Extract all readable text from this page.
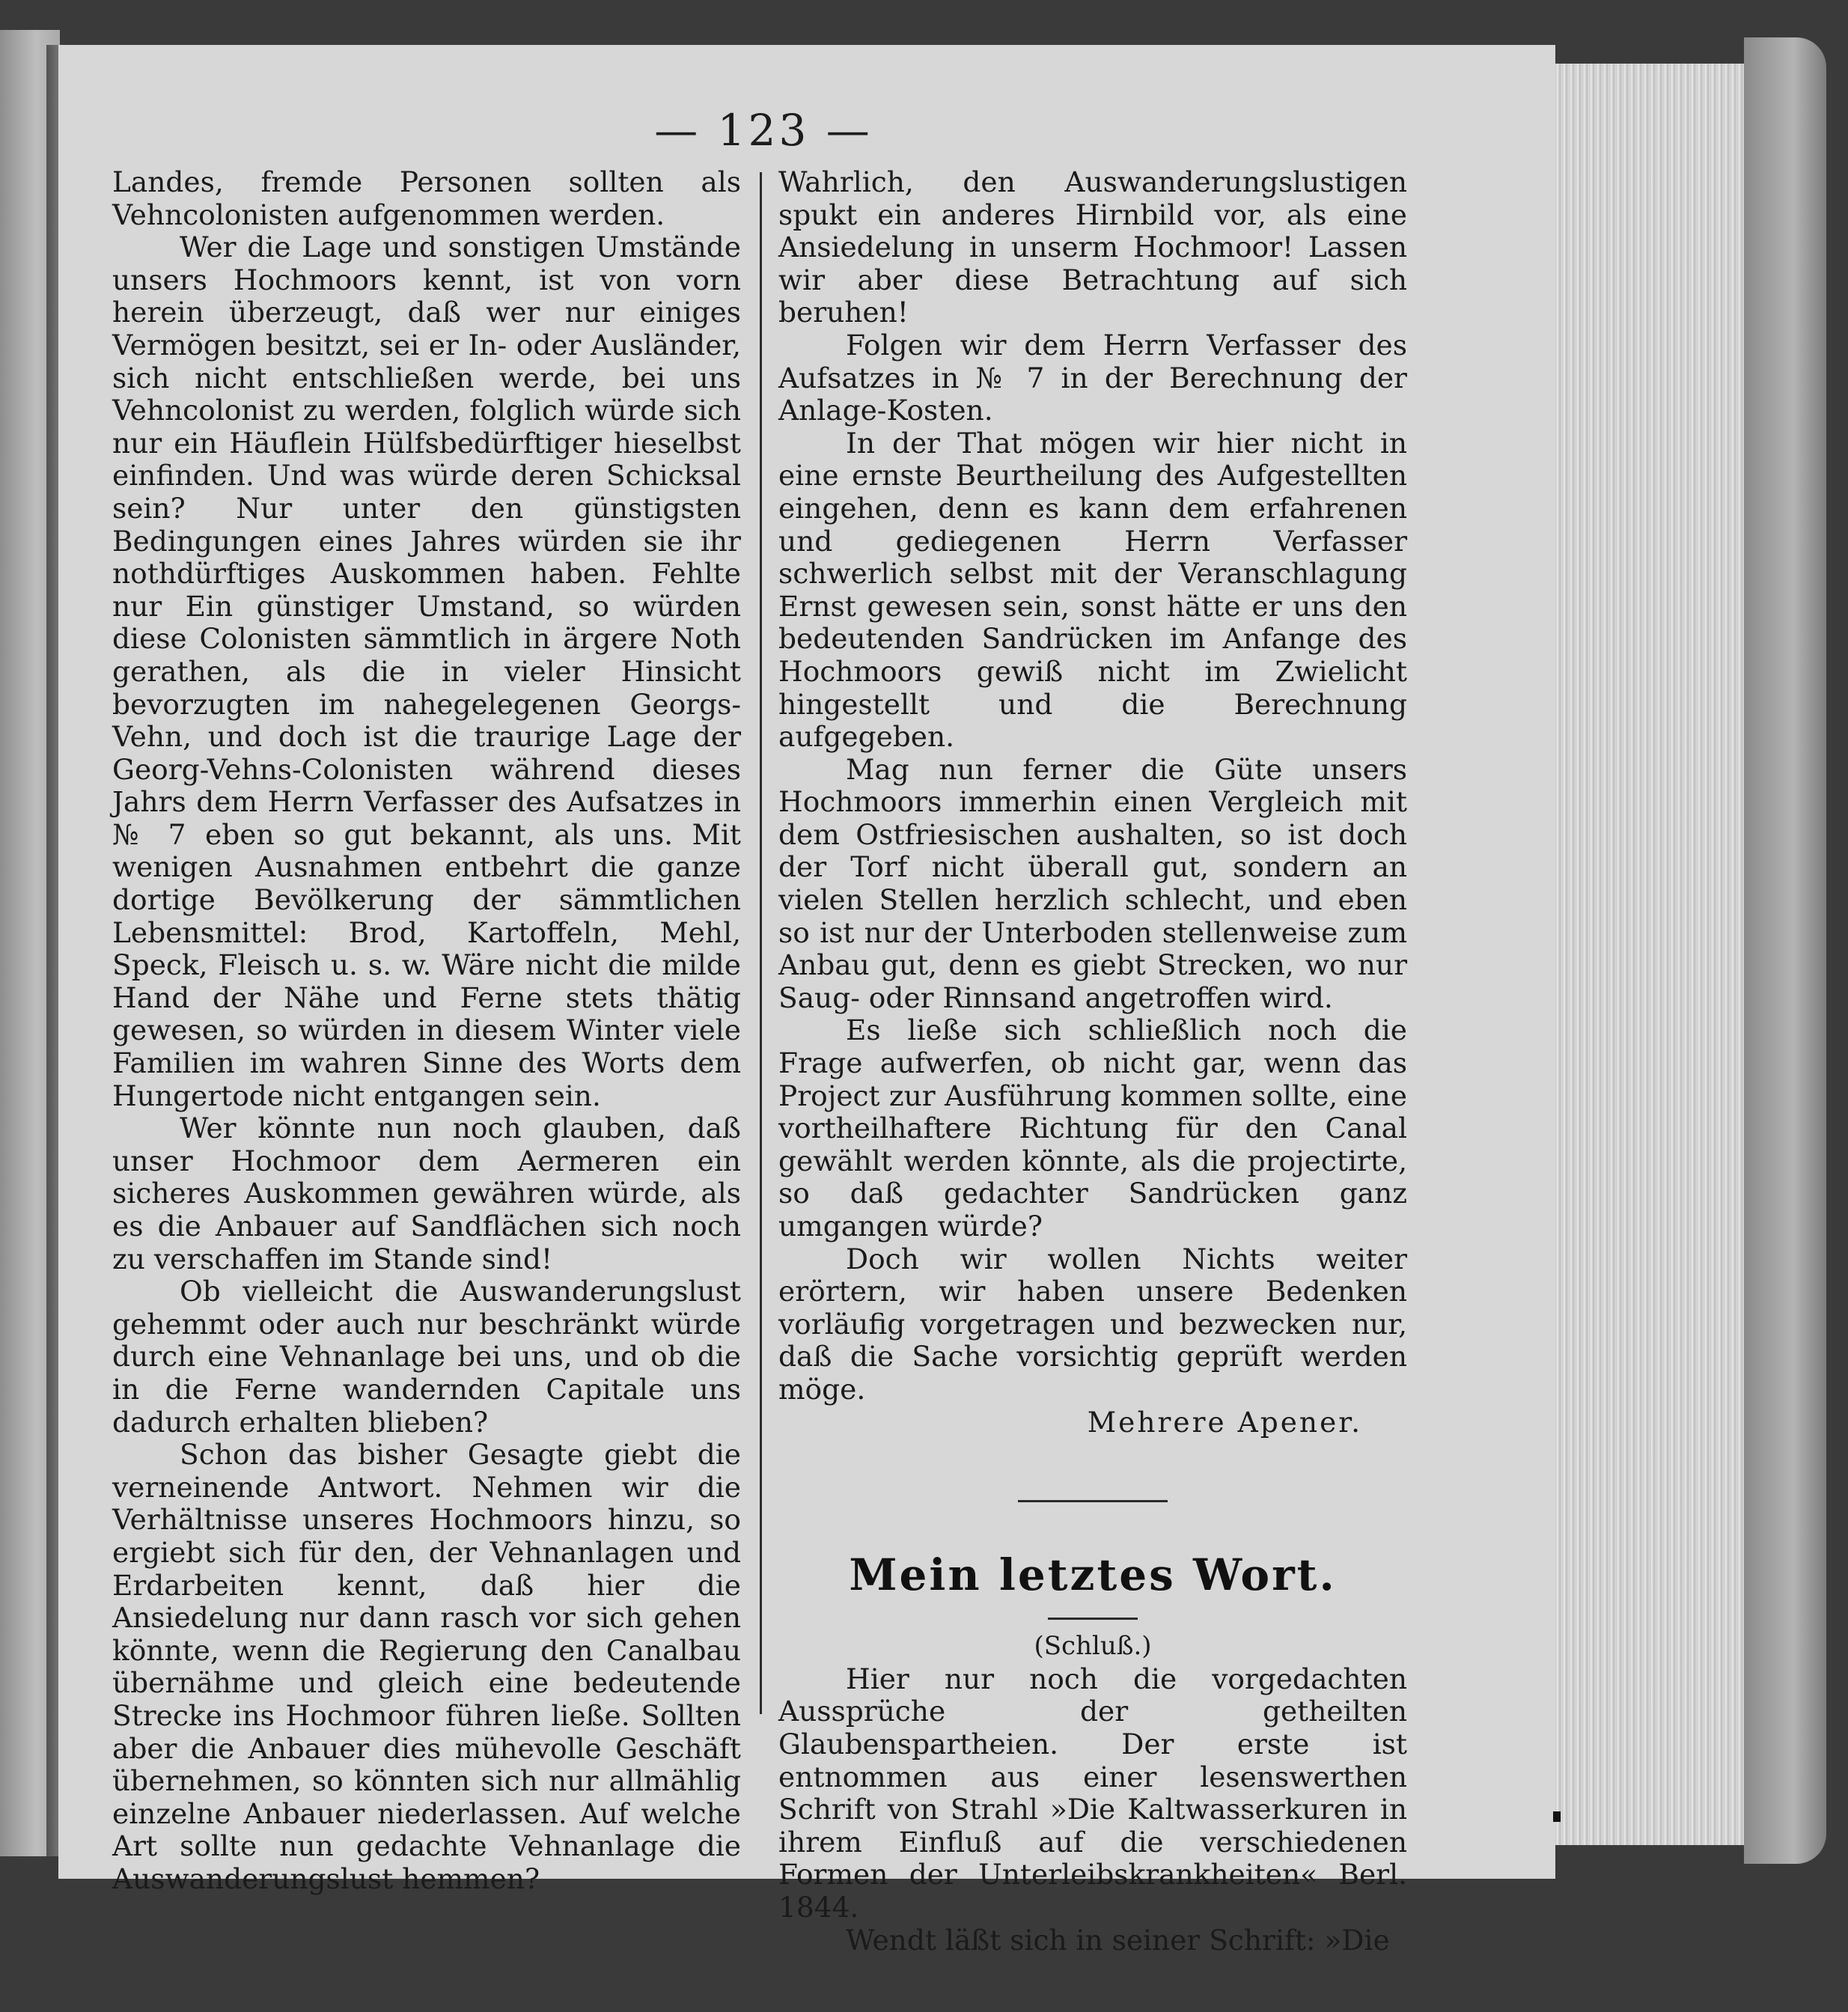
— 123 —

Landes, fremde Personen sollten als Vehncolonisten aufgenommen werden.

Wer die Lage und sonstigen Umstände unsers Hochmoors kennt, ist von vorn herein überzeugt, daß wer nur einiges Vermögen besitzt, sei er In- oder Ausländer, sich nicht entschließen werde, bei uns Vehncolonist zu werden, folglich würde sich nur ein Häuflein Hülfsbedürftiger hieselbst einfinden. Und was würde deren Schicksal sein? Nur unter den günstigsten Bedingungen eines Jahres würden sie ihr nothdürftiges Auskommen haben. Fehlte nur Ein günstiger Umstand, so würden diese Colonisten sämmtlich in ärgere Noth gerathen, als die in vieler Hinsicht bevorzugten im nahegelegenen Georgs-Vehn, und doch ist die traurige Lage der Georg-Vehns-Colonisten während dieses Jahrs dem Herrn Verfasser des Aufsatzes in № 7 eben so gut bekannt, als uns. Mit wenigen Ausnahmen entbehrt die ganze dortige Bevölkerung der sämmtlichen Lebensmittel: Brod, Kartoffeln, Mehl, Speck, Fleisch u. s. w. Wäre nicht die milde Hand der Nähe und Ferne stets thätig gewesen, so würden in diesem Winter viele Familien im wahren Sinne des Worts dem Hungertode nicht entgangen sein.

Wer könnte nun noch glauben, daß unser Hochmoor dem Aermeren ein sicheres Auskommen gewähren würde, als es die Anbauer auf Sandflächen sich noch zu verschaffen im Stande sind!

Ob vielleicht die Auswanderungslust gehemmt oder auch nur beschränkt würde durch eine Vehnanlage bei uns, und ob die in die Ferne wandernden Capitale uns dadurch erhalten blieben?

Schon das bisher Gesagte giebt die verneinende Antwort. Nehmen wir die Verhältnisse unseres Hochmoors hinzu, so ergiebt sich für den, der Vehnanlagen und Erdarbeiten kennt, daß hier die Ansiedelung nur dann rasch vor sich gehen könnte, wenn die Regierung den Canalbau übernähme und gleich eine bedeutende Strecke ins Hochmoor führen ließe. Sollten aber die Anbauer dies mühevolle Geschäft übernehmen, so könnten sich nur allmählig einzelne Anbauer niederlassen. Auf welche Art sollte nun gedachte Vehnanlage die Auswanderungslust hemmen?

Wahrlich, den Auswanderungslustigen spukt ein anderes Hirnbild vor, als eine Ansiedelung in unserm Hochmoor! Lassen wir aber diese Betrachtung auf sich beruhen!

Folgen wir dem Herrn Verfasser des Aufsatzes in № 7 in der Berechnung der Anlage-Kosten.

In der That mögen wir hier nicht in eine ernste Beurtheilung des Aufgestellten eingehen, denn es kann dem erfahrenen und gediegenen Herrn Verfasser schwerlich selbst mit der Veranschlagung Ernst gewesen sein, sonst hätte er uns den bedeutenden Sandrücken im Anfange des Hochmoors gewiß nicht im Zwielicht hingestellt und die Berechnung aufgegeben.

Mag nun ferner die Güte unsers Hochmoors immerhin einen Vergleich mit dem Ostfriesischen aushalten, so ist doch der Torf nicht überall gut, sondern an vielen Stellen herzlich schlecht, und eben so ist nur der Unterboden stellenweise zum Anbau gut, denn es giebt Strecken, wo nur Saug- oder Rinnsand angetroffen wird.

Es ließe sich schließlich noch die Frage aufwerfen, ob nicht gar, wenn das Project zur Ausführung kommen sollte, eine vortheilhaftere Richtung für den Canal gewählt werden könnte, als die projectirte, so daß gedachter Sandrücken ganz umgangen würde?

Doch wir wollen Nichts weiter erörtern, wir haben unsere Bedenken vorläufig vorgetragen und bezwecken nur, daß die Sache vorsichtig geprüft werden möge.

Mehrere Apener.
Mein letztes Wort.
(Schluß.)

Hier nur noch die vorgedachten Aussprüche der getheilten Glaubenspartheien. Der erste ist entnommen aus einer lesenswerthen Schrift von Strahl »Die Kaltwasserkuren in ihrem Einfluß auf die verschiedenen Formen der Unterleibskrankheiten« Berl. 1844.

Wendt läßt sich in seiner Schrift: »Die
